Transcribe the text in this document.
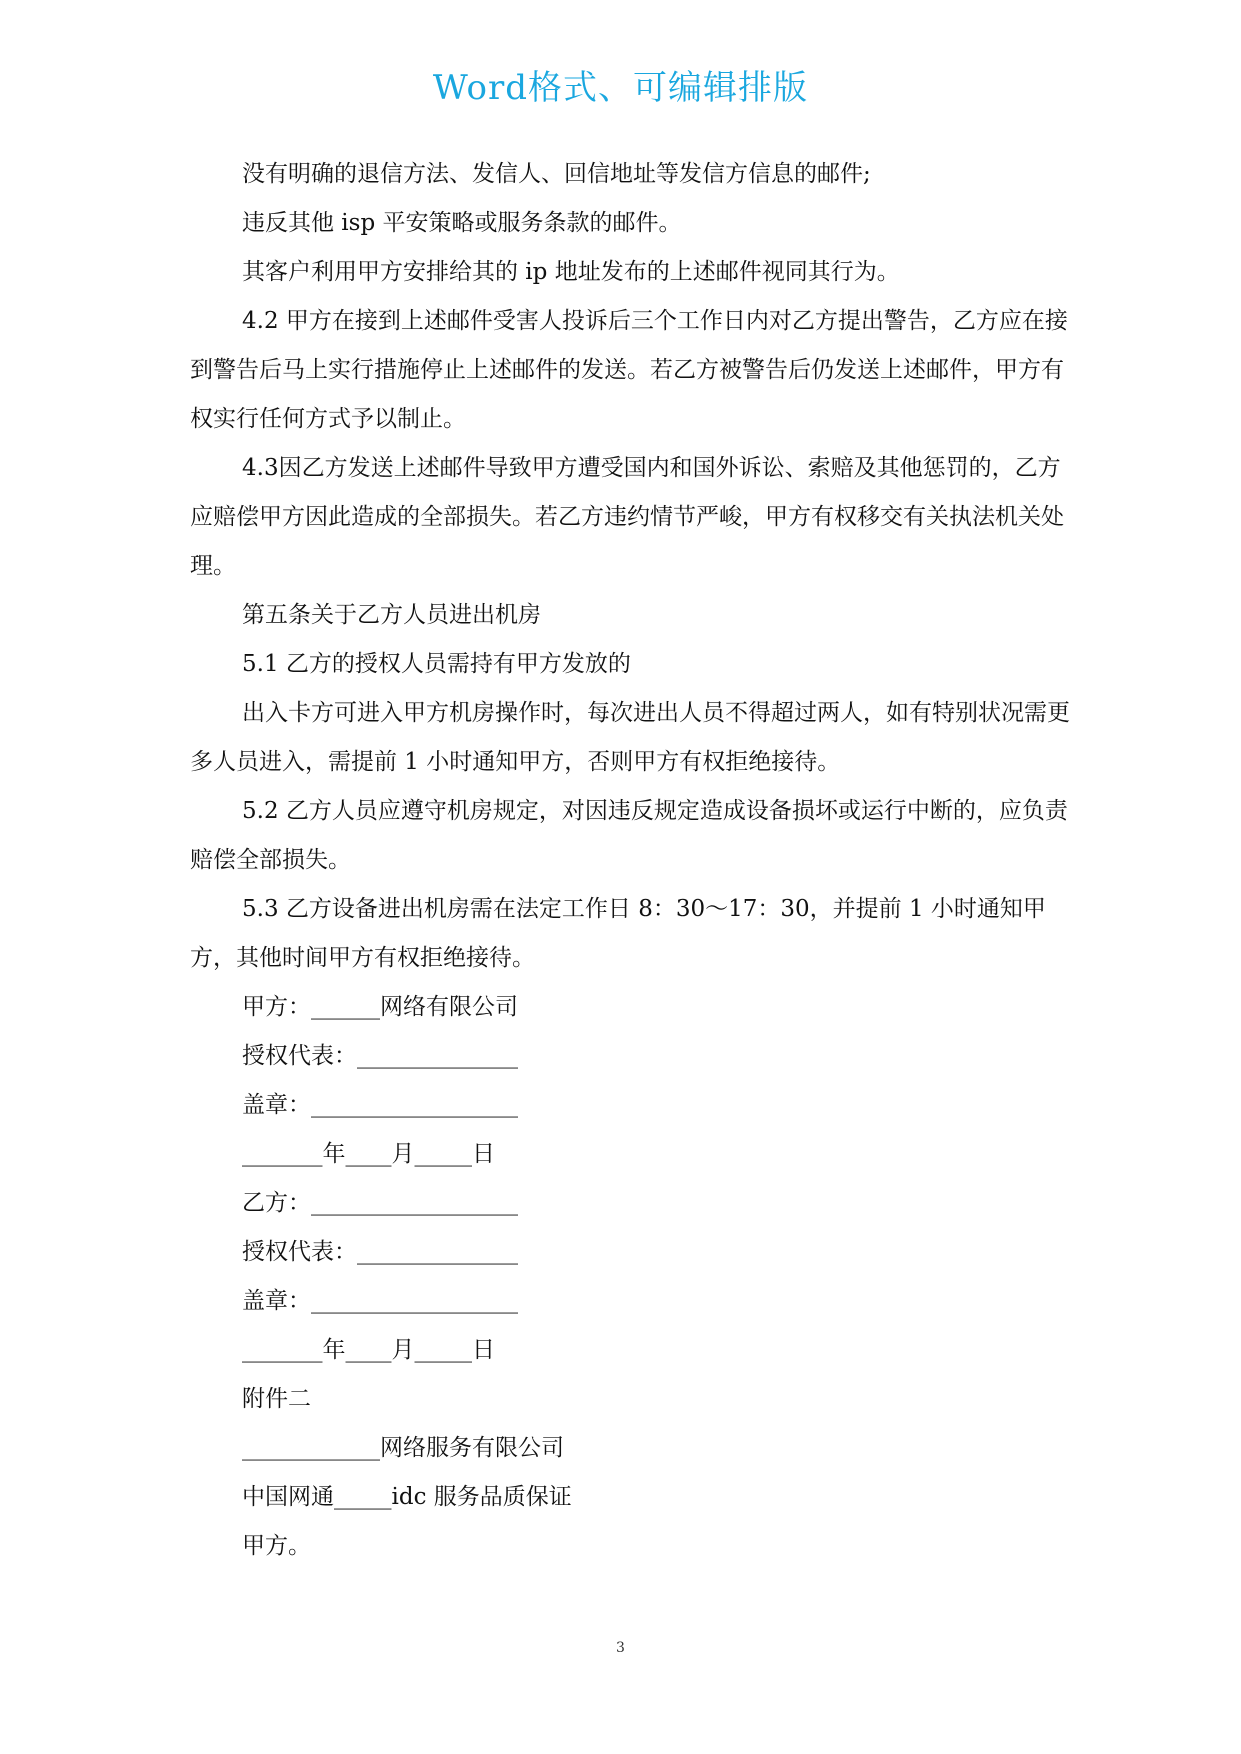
Word格式、可编辑排版

没有明确的退信方法、发信人、回信地址等发信方信息的邮件;

违反其他 isp 平安策略或服务条款的邮件。

其客户利用甲方安排给其的 ip 地址发布的上述邮件视同其行为。

4.2 甲方在接到上述邮件受害人投诉后三个工作日内对乙方提出警告，乙方应在接到警告后马上实行措施停止上述邮件的发送。若乙方被警告后仍发送上述邮件，甲方有权实行任何方式予以制止。

4.3因乙方发送上述邮件导致甲方遭受国内和国外诉讼、索赔及其他惩罚的，乙方应赔偿甲方因此造成的全部损失。若乙方违约情节严峻，甲方有权移交有关执法机关处理。

第五条关于乙方人员进出机房

5.1 乙方的授权人员需持有甲方发放的

出入卡方可进入甲方机房操作时，每次进出人员不得超过两人，如有特别状况需更多人员进入，需提前 1 小时通知甲方，否则甲方有权拒绝接待。

5.2 乙方人员应遵守机房规定，对因违反规定造成设备损坏或运行中断的，应负责赔偿全部损失。

5.3 乙方设备进出机房需在法定工作日 8：30～17：30，并提前 1 小时通知甲方，其他时间甲方有权拒绝接待。

甲方：______网络有限公司

授权代表：______________

盖章：__________________

_______年____月_____日

乙方：__________________

授权代表：______________

盖章：__________________

_______年____月_____日

附件二

____________网络服务有限公司

中国网通_____idc 服务品质保证

甲方。

3
